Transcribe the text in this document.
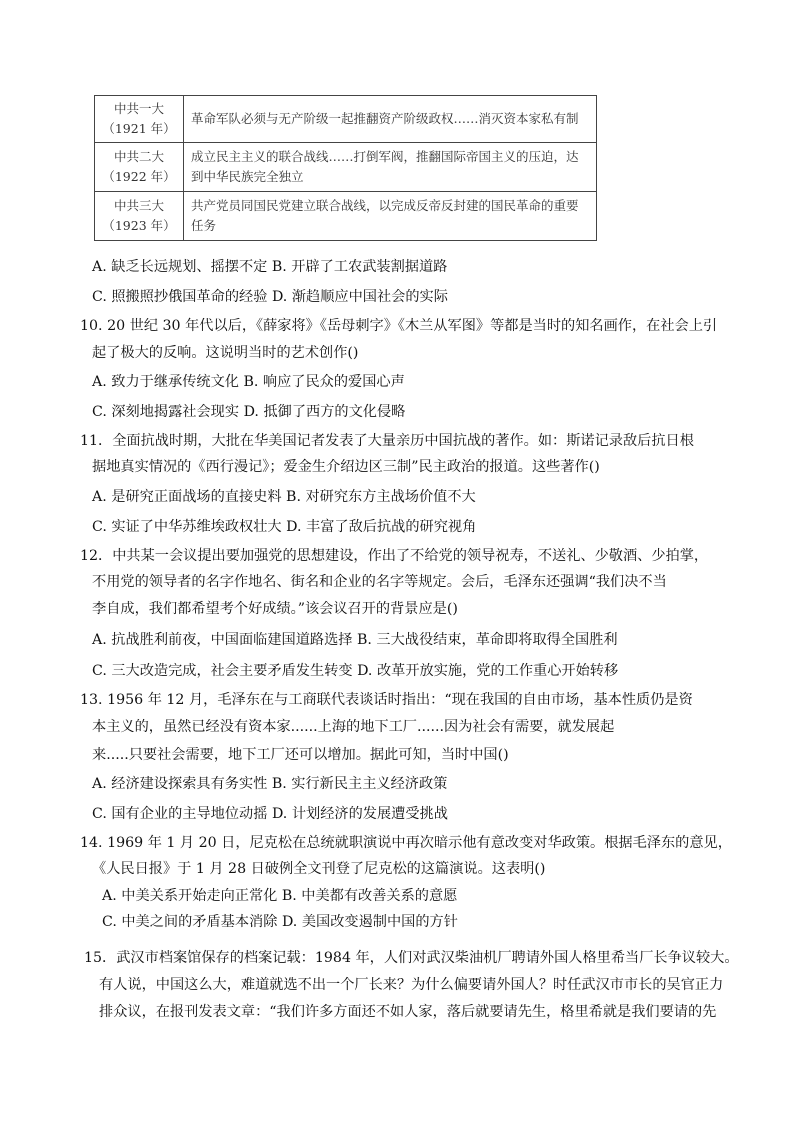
中共一大
（1921 年）	革命军队必须与无产阶级一起推翻资产阶级政权……消灭资本家私有制

中共二大
（1922 年）	成立民主主义的联合战线……打倒军阀，推翻国际帝国主义的压迫，达到中华民族完全独立

中共三大
（1923 年）	共产党员同国民党建立联合战线，以完成反帝反封建的国民革命的重要任务
A. 缺乏长远规划、摇摆不定 B. 开辟了工农武装割据道路
C. 照搬照抄俄国革命的经验 D. 渐趋顺应中国社会的实际
10. 20 世纪 30 年代以后，《薛家将》《岳母刺字》《木兰从军图》等都是当时的知名画作，在社会上引
起了极大的反响。这说明当时的艺术创作()
A. 致力于继承传统文化 B. 响应了民众的爱国心声
C. 深刻地揭露社会现实 D. 抵御了西方的文化侵略
11．全面抗战时期，大批在华美国记者发表了大量亲历中国抗战的著作。如：斯诺记录敌后抗日根
据地真实情况的《西行漫记》；爱金生介绍边区三制”民主政治的报道。这些著作()
A. 是研究正面战场的直接史料 B. 对研究东方主战场价值不大
C. 实证了中华苏维埃政权壮大 D. 丰富了敌后抗战的研究视角
12．中共某一会议提出要加强党的思想建设，作出了不给党的领导祝寿，不送礼、少敬酒、少拍掌，
不用党的领导者的名字作地名、街名和企业的名字等规定。会后，毛泽东还强调“我们决不当
李自成，我们都希望考个好成绩。”该会议召开的背景应是()
A. 抗战胜利前夜，中国面临建国道路选择 B. 三大战役结束，革命即将取得全国胜利
C. 三大改造完成，社会主要矛盾发生转变 D. 改革开放实施，党的工作重心开始转移
13. 1956 年 12 月，毛泽东在与工商联代表谈话时指出：“现在我国的自由市场，基本性质仍是资
本主义的，虽然已经没有资本家......上海的地下工厂......因为社会有需要，就发展起
来.....只要社会需要，地下工厂还可以增加。据此可知，当时中国()
A. 经济建设探索具有务实性 B. 实行新民主主义经济政策
C. 国有企业的主导地位动摇 D. 计划经济的发展遭受挑战
14. 1969 年 1 月 20 日，尼克松在总统就职演说中再次暗示他有意改变对华政策。根据毛泽东的意见，
《人民日报》于 1 月 28 日破例全文刊登了尼克松的这篇演说。这表明()
A. 中美关系开始走向正常化 B. 中美都有改善关系的意愿
C. 中美之间的矛盾基本消除 D. 美国改变遏制中国的方针
15．武汉市档案馆保存的档案记载：1984 年，人们对武汉柴油机厂聘请外国人格里希当厂长争议较大。
有人说，中国这么大，难道就选不出一个厂长来？为什么偏要请外国人？时任武汉市市长的吴官正力
排众议，在报刊发表文章：“我们许多方面还不如人家，落后就要请先生，格里希就是我们要请的先
